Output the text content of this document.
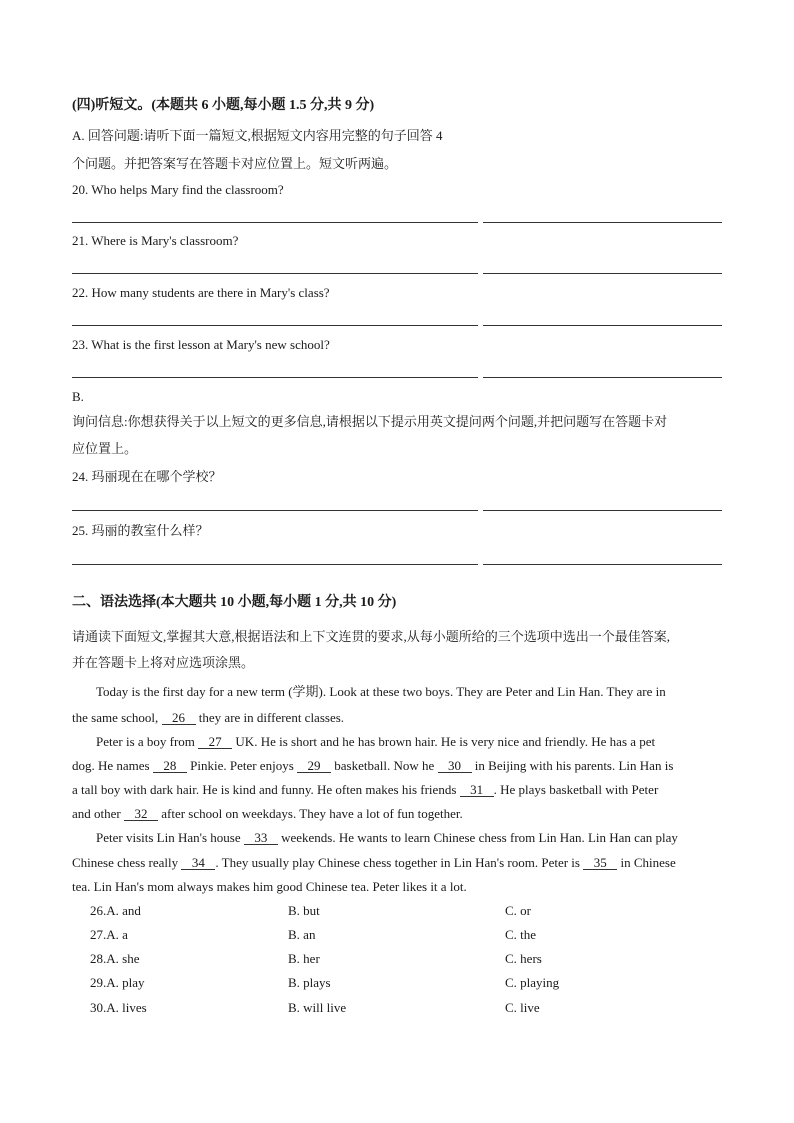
(四)听短文。(本题共 6 小题,每小题 1.5 分,共 9 分)
A. 回答问题:请听下面一篇短文,根据短文内容用完整的句子回答 4
个问题。并把答案写在答题卡对应位置上。短文听两遍。
20. Who helps Mary find the classroom?
21. Where is Mary's classroom?
22. How many students are there in Mary's class?
23. What is the first lesson at Mary's new school?
B.
询问信息:你想获得关于以上短文的更多信息,请根据以下提示用英文提问两个问题,并把问题写在答题卡对
应位置上。
24. 玛丽现在在哪个学校？
25. 玛丽的教室什么样？
二、语法选择(本大题共 10 小题,每小题 1 分,共 10 分)
请通读下面短文,掌握其大意,根据语法和上下文连贯的要求,从每小题所给的三个选项中选出一个最佳答案,
并在答题卡上将对应选项涂黑。
Today is the first day for a new term (学期). Look at these two boys. They are Peter and Lin Han. They are in
the same school, 26 they are in different classes.
Peter is a boy from 27 UK. He is short and he has brown hair. He is very nice and friendly. He has a pet
dog. He names 28 Pinkie. Peter enjoys 29 basketball. Now he 30 in Beijing with his parents. Lin Han is
a tall boy with dark hair. He is kind and funny. He often makes his friends 31 . He plays basketball with Peter
and other 32 after school on weekdays. They have a lot of fun together.
Peter visits Lin Han's house 33 weekends. He wants to learn Chinese chess from Lin Han. Lin Han can play
Chinese chess really 34 . They usually play Chinese chess together in Lin Han's room. Peter is 35 in Chinese
tea. Lin Han's mom always makes him good Chinese tea. Peter likes it a lot.
26.A. and	B. but	C. or
27.A. a	B. an	C. the
28.A. she	B. her	C. hers
29.A. play	B. plays	C. playing
30.A. lives	B. will live	C. live
